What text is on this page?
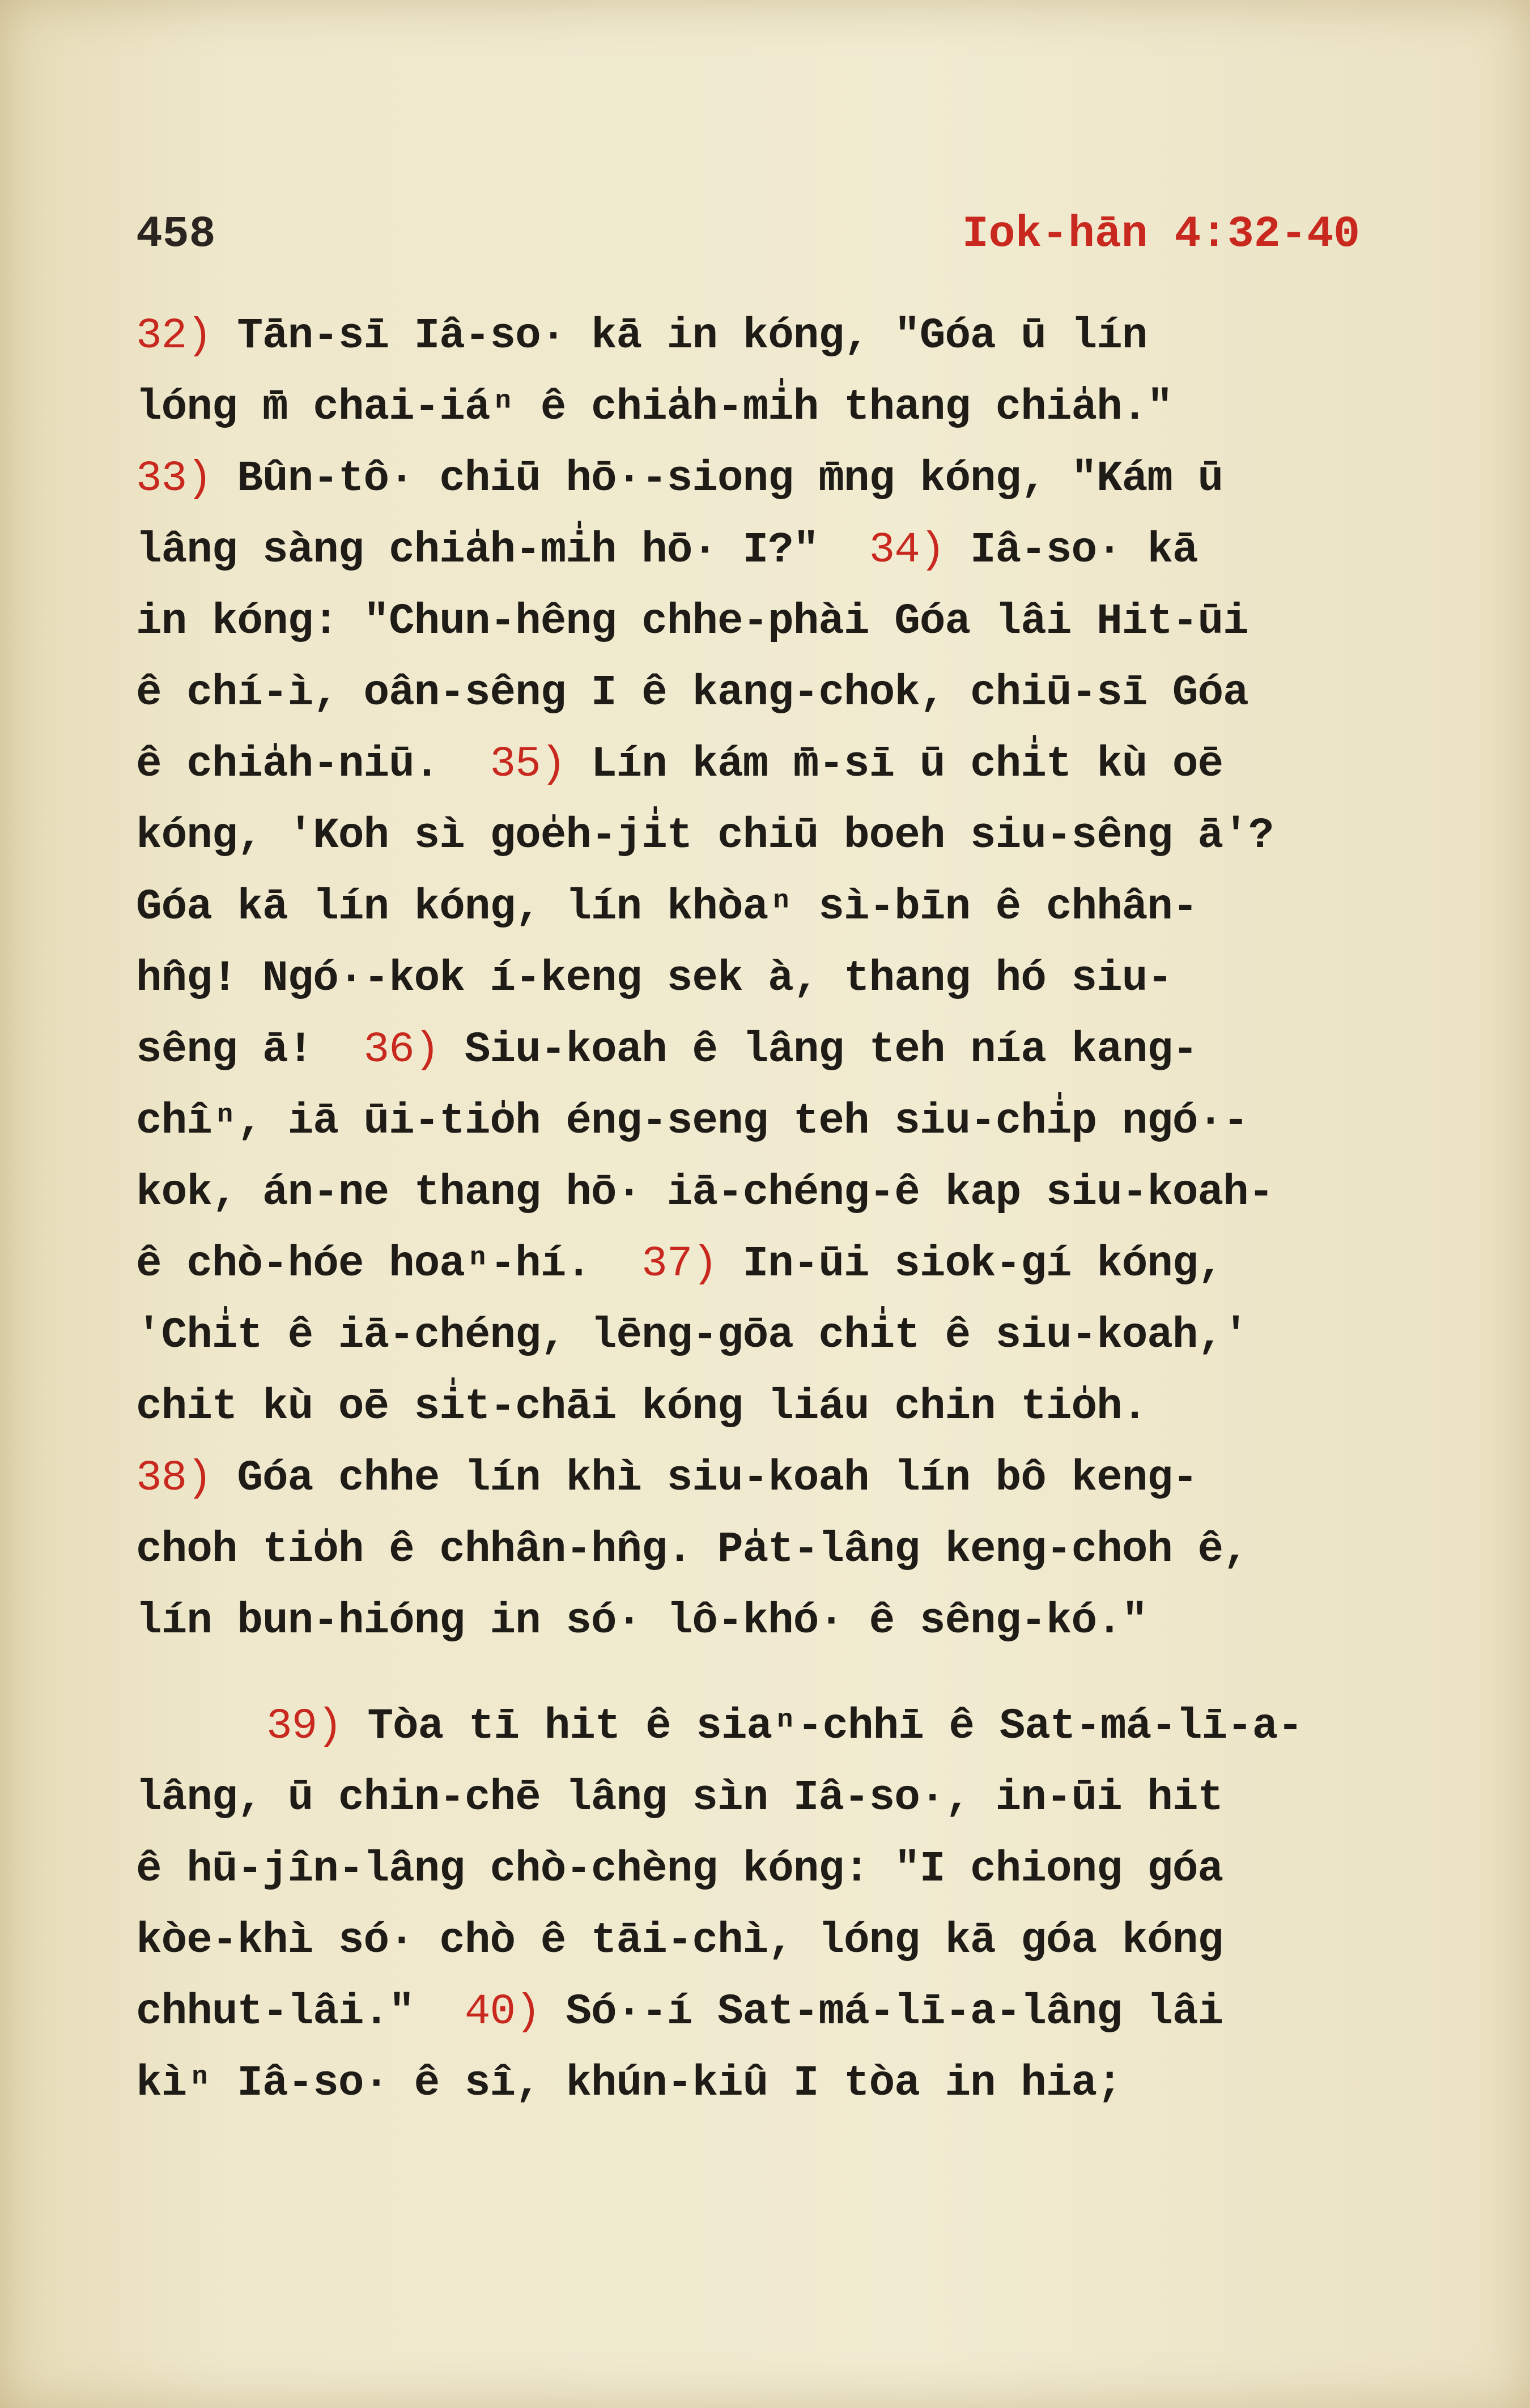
458	Iok-hān 4:32-40
32) Tān-sī Iâ-so· kā in kóng, "Góa ū lín
lóng m̄ chai-iáⁿ ê chia̍h-mi̍h thang chia̍h."
33) Bûn-tô· chiū hō·-siong m̄ng kóng, "Kám ū
lâng sàng chia̍h-mi̍h hō· I?" 34) Iâ-so· kā
in kóng: "Chun-hêng chhe-phài Góa lâi Hit-ūi
ê chí-ì, oân-sêng I ê kang-chok, chiū-sī Góa
ê chia̍h-niū. 35) Lín kám m̄-sī ū chi̍t kù oē
kóng, 'Koh sì goe̍h-ji̍t chiū boeh siu-sêng ā'?
Góa kā lín kóng, lín khòaⁿ sì-bīn ê chhân-
hn̂g! Ngó·-kok í-keng sek à, thang hó siu-
sêng ā! 36) Siu-koah ê lâng teh nía kang-
chîⁿ, iā ūi-tio̍h éng-seng teh siu-chi̍p ngó·-
kok, án-ne thang hō· iā-chéng-ê kap siu-koah-
ê chò-hóe hoaⁿ-hí. 37) In-ūi siok-gí kóng,
'Chi̍t ê iā-chéng, lēng-gōa chi̍t ê siu-koah,'
chit kù oē si̍t-chāi kóng liáu chin tio̍h.
38) Góa chhe lín khì siu-koah lín bô keng-
choh tio̍h ê chhân-hn̂g. Pa̍t-lâng keng-choh ê,
lín bun-hióng in só· lô-khó· ê sêng-kó."
39) Tòa tī hit ê siaⁿ-chhī ê Sat-má-lī-a-
lâng, ū chin-chē lâng sìn Iâ-so·, in-ūi hit
ê hū-jîn-lâng chò-chèng kóng: "I chiong góa
kòe-khì só· chò ê tāi-chì, lóng kā góa kóng
chhut-lâi." 40) Só·-í Sat-má-lī-a-lâng lâi
kìⁿ Iâ-so· ê sî, khún-kiû I tòa in hia;
